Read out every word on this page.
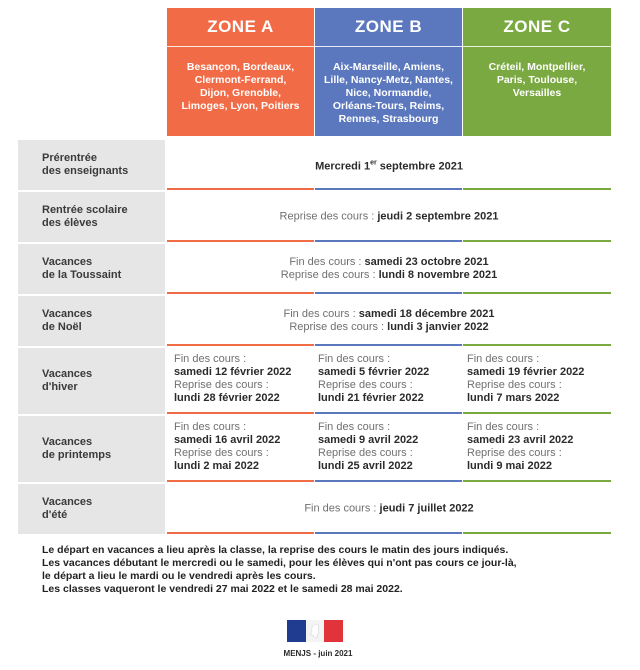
ZONE A
Besançon, Bordeaux,
Clermont-Ferrand,
Dijon, Grenoble,
Limoges, Lyon, Poitiers
ZONE B
Aix-Marseille, Amiens,
Lille, Nancy-Metz, Nantes,
Nice, Normandie,
Orléans-Tours, Reims,
Rennes, Strasbourg
ZONE C
Créteil, Montpellier,
Paris, Toulouse,
Versailles
Prérentrée
des enseignants	Mercredi 1er septembre 2021
Rentrée scolaire
des élèves
Reprise des cours : jeudi 2 septembre 2021
Vacances
de la Toussaint
Fin des cours : samedi 23 octobre 2021
Reprise des cours : lundi 8 novembre 2021
Vacances
de Noël
Fin des cours : samedi 18 décembre 2021
Reprise des cours : lundi 3 janvier 2022
Vacances
d'hiver
Fin des cours :
samedi 12 février 2022
Reprise des cours :
lundi 28 février 2022
Fin des cours :
samedi 5 février 2022
Reprise des cours :
lundi 21 février 2022
Fin des cours :
samedi 19 février 2022
Reprise des cours :
lundi 7 mars 2022
Vacances
de printemps
Fin des cours :
samedi 16 avril 2022
Reprise des cours :
lundi 2 mai 2022
Fin des cours :
samedi 9 avril 2022
Reprise des cours :
lundi 25 avril 2022
Fin des cours :
samedi 23 avril 2022
Reprise des cours :
lundi 9 mai 2022
Vacances
d'été
Fin des cours : jeudi 7 juillet 2022
Le départ en vacances a lieu après la classe, la reprise des cours le matin des jours indiqués.
Les vacances débutant le mercredi ou le samedi, pour les élèves qui n'ont pas cours ce jour-là,
le départ a lieu le mardi ou le vendredi après les cours.
Les classes vaqueront le vendredi 27 mai 2022 et le samedi 28 mai 2022.
MENJS - juin 2021
